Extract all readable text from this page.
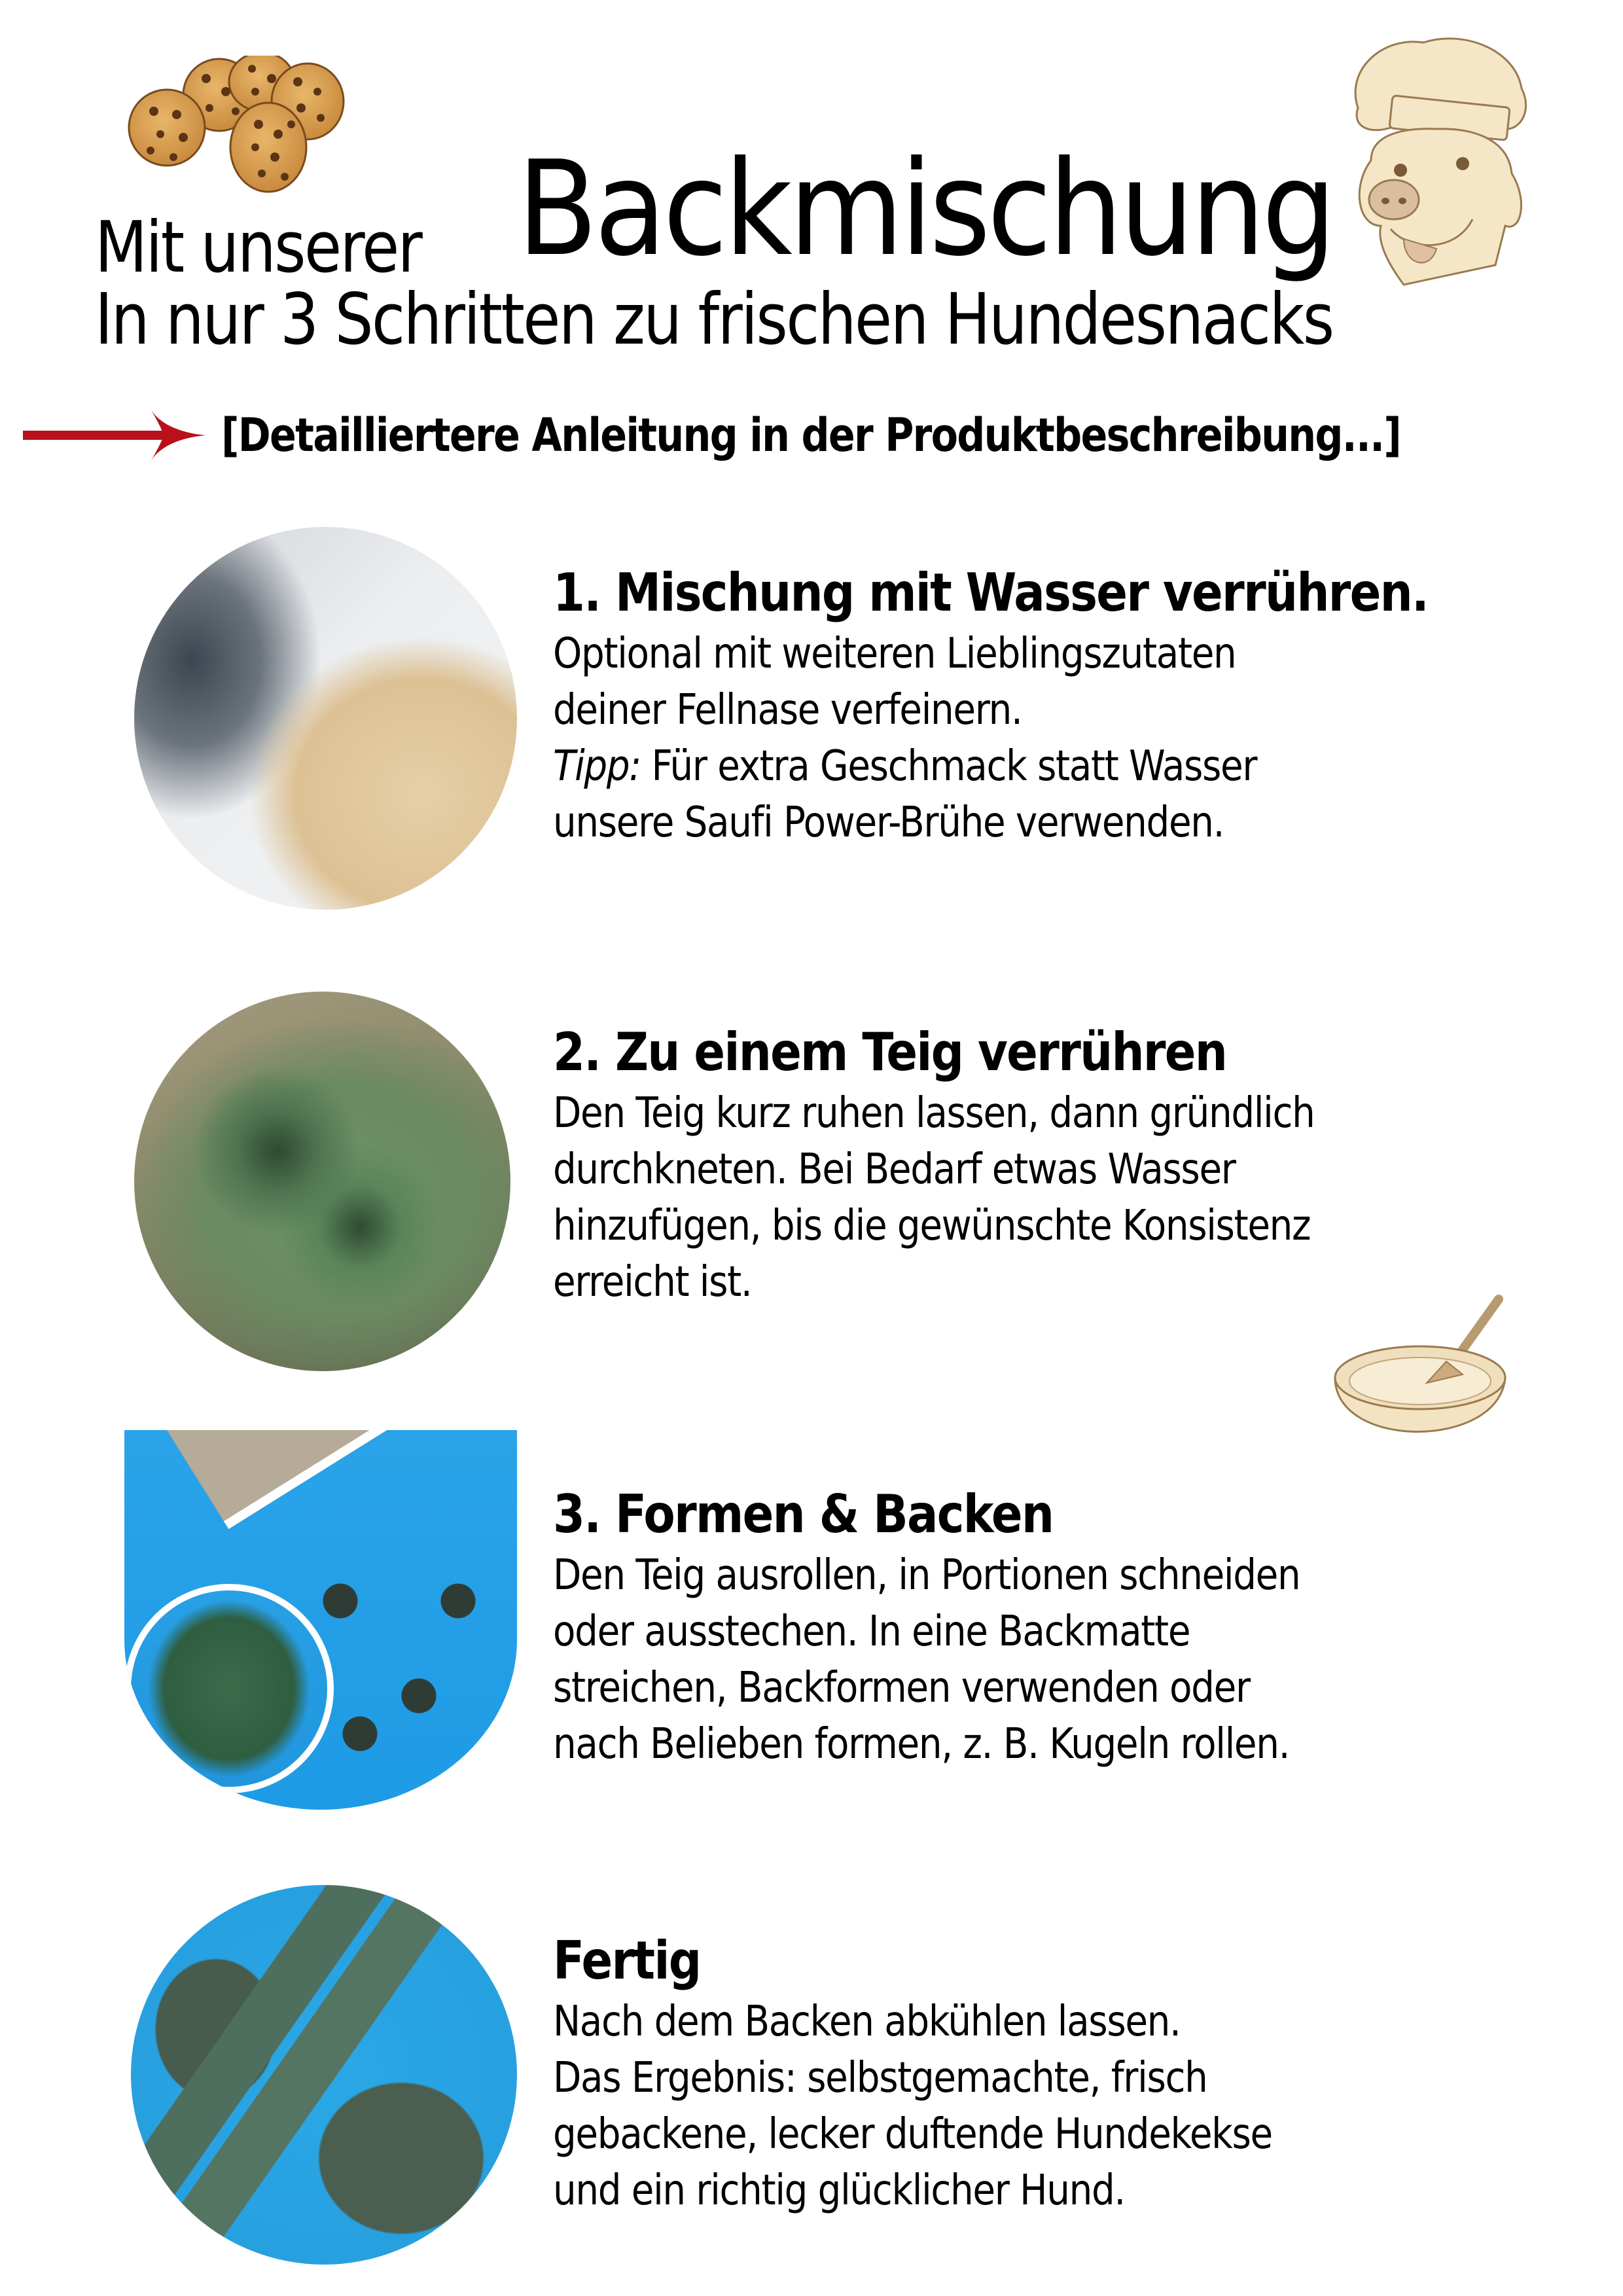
Mit unserer Backmischung
In nur 3 Schritten zu frischen Hundesnacks
[Detailliertere Anleitung in der Produktbeschreibung...]
1. Mischung mit Wasser verrühren.
Optional mit weiteren Lieblingszutaten
deiner Fellnase verfeinern.
Tipp: Für extra Geschmack statt Wasser
unsere Saufi Power-Brühe verwenden.
2. Zu einem Teig verrühren
Den Teig kurz ruhen lassen, dann gründlich
durchkneten. Bei Bedarf etwas Wasser
hinzufügen, bis die gewünschte Konsistenz
erreicht ist.
3. Formen & Backen
Den Teig ausrollen, in Portionen schneiden
oder ausstechen. In eine Backmatte
streichen, Backformen verwenden oder
nach Belieben formen, z. B. Kugeln rollen.
Fertig
Nach dem Backen abkühlen lassen.
Das Ergebnis: selbstgemachte, frisch
gebackene, lecker duftende Hundekekse
und ein richtig glücklicher Hund.
